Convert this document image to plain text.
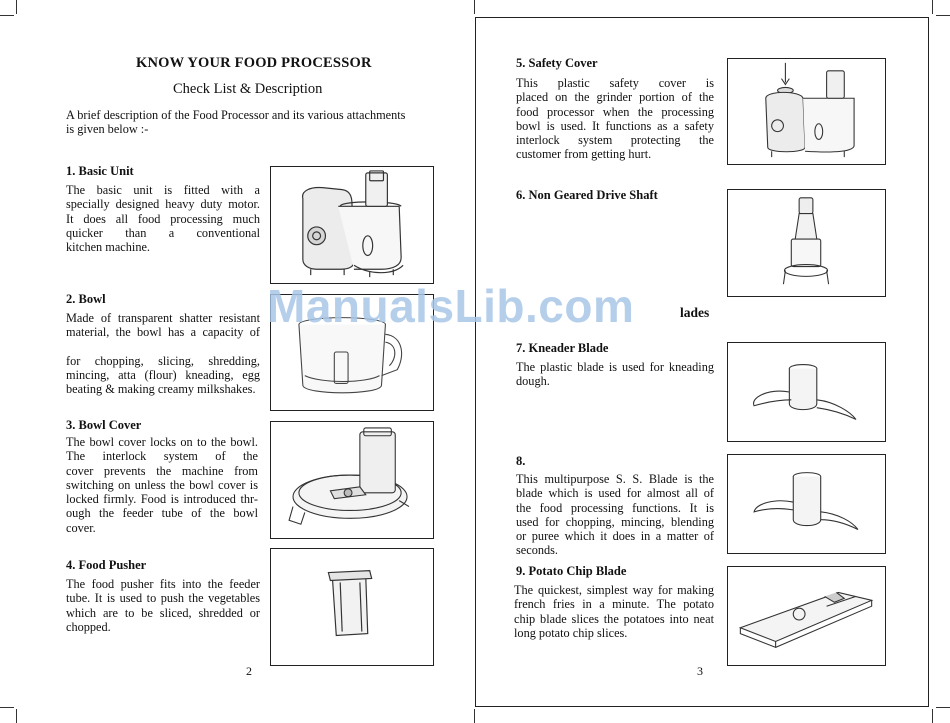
KNOW YOUR FOOD PROCESSOR
Check List & Description
A brief description of the Food Processor and its various attachments
is given below :-
1. Basic Unit
The basic unit is fitted with a
specially designed heavy duty motor.
It does all food processing much
quicker than a conventional
kitchen machine.
2. Bowl
Made of transparent shatter resistant
material, the bowl has a capacity of
for chopping, slicing, shredding,
mincing, atta (flour) kneading, egg
beating & making creamy milkshakes.
3. Bowl Cover
The bowl cover locks on to the bowl.
The interlock system of the
cover prevents the machine from
switching on unless the bowl cover is
locked firmly. Food is introduced thr-
ough the feeder tube of the bowl cover.
4. Food Pusher
The food pusher fits into the feeder
tube. It is used to push the vegetables
which are to be sliced, shredded or
chopped.
2
5. Safety Cover
This plastic safety cover is
placed on the grinder portion of the
food processor when the processing
bowl is used. It functions as a safety
interlock system protecting the
customer from getting hurt.
6. Non Geared Drive Shaft
lades
7. Kneader Blade
The plastic blade is used for kneading
dough.
8.
This multipurpose S. S. Blade is the
blade which is used for almost all of
the food processing functions. It is
used for chopping, mincing, blending
or puree which it does in a matter of
seconds.
9. Potato Chip Blade
The quickest, simplest way for making
french fries in a minute. The potato
chip blade slices the potatoes into neat
long potato chip slices.
3
ManualsLib.com
